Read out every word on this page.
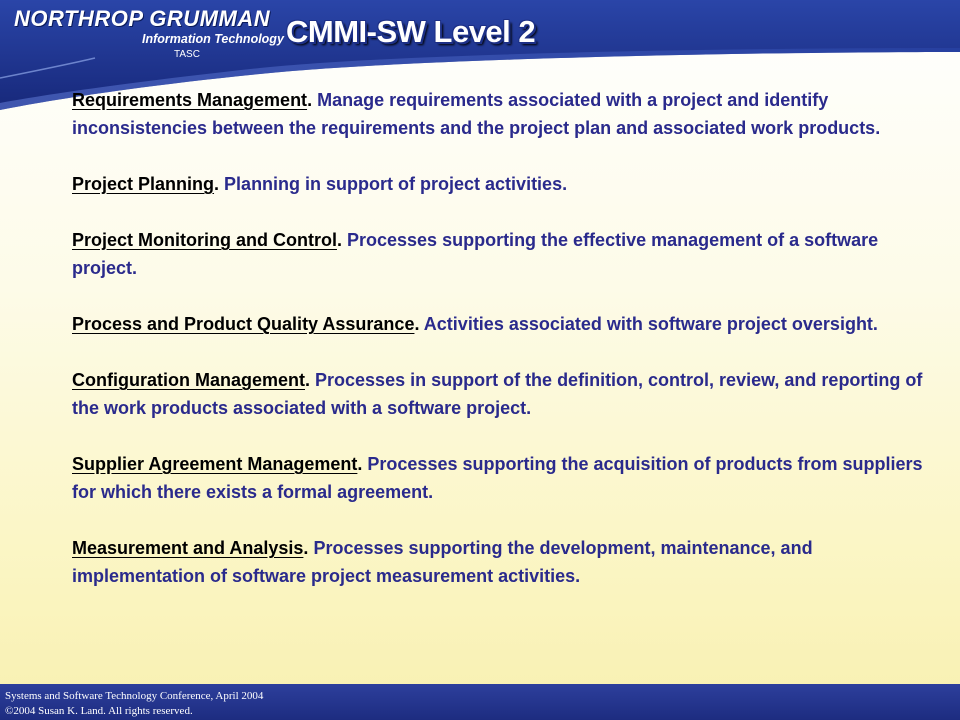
NORTHROP GRUMMAN
Information Technology
TASC
CMMI-SW Level 2
Requirements Management. Manage requirements associated with a project and identify inconsistencies between the requirements and the project plan and associated work products.
Project Planning. Planning in support of project activities.
Project Monitoring and Control. Processes supporting the effective management of a software project.
Process and Product Quality Assurance. Activities associated with software project oversight.
Configuration Management. Processes in support of the definition, control, review, and reporting of the work products associated with a software project.
Supplier Agreement Management. Processes supporting the acquisition of products from suppliers for which there exists a formal agreement.
Measurement and Analysis. Processes supporting the development, maintenance, and implementation of software project measurement activities.
Systems and Software Technology Conference, April 2004
©2004 Susan K. Land. All rights reserved.
